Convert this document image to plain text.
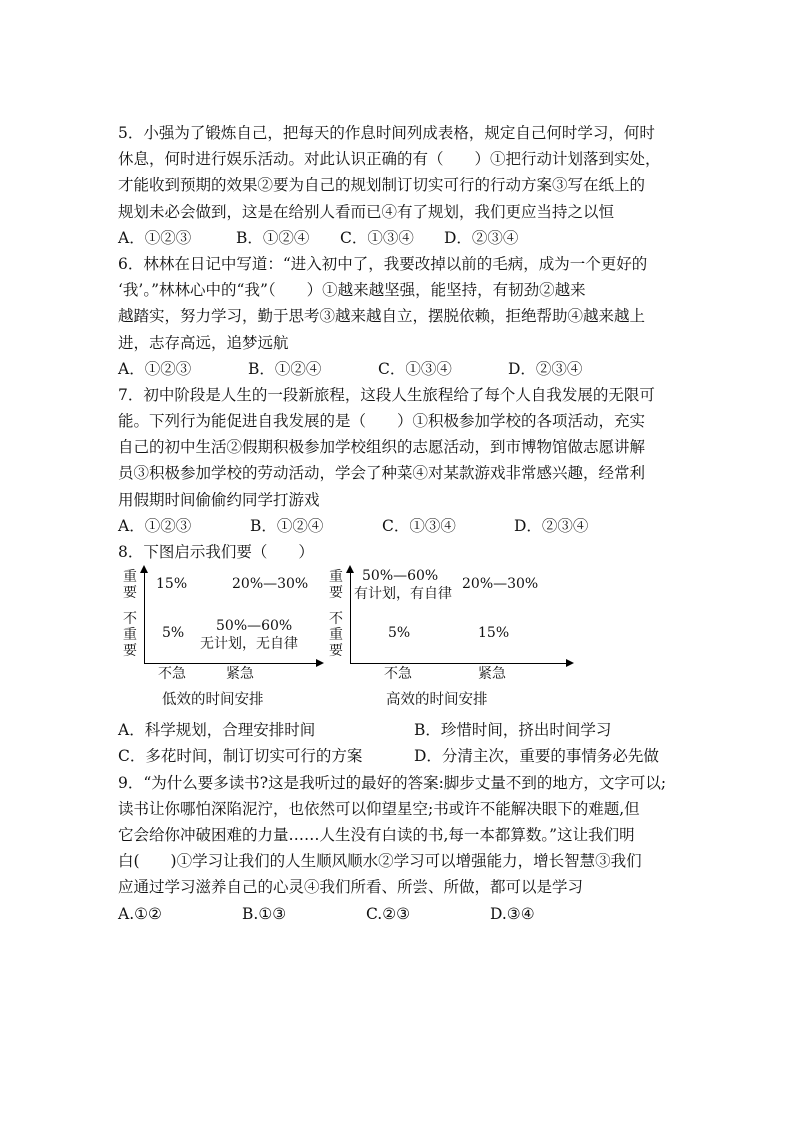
5．小强为了锻炼自己，把每天的作息时间列成表格，规定自己何时学习，何时
休息，何时进行娱乐活动。对此认识正确的有（　　）①把行动计划落到实处，
才能收到预期的效果②要为自己的规划制订切实可行的行动方案③写在纸上的
规划未必会做到，这是在给别人看而已④有了规划，我们更应当持之以恒
A．①②③	B．①②④	C．①③④	D．②③④
6．林林在日记中写道：“进入初中了，我要改掉以前的毛病，成为一个更好的
‘我’。”林林心中的“我”（　　）①越来越坚强，能坚持，有韧劲②越来
越踏实，努力学习，勤于思考③越来越自立，摆脱依赖，拒绝帮助④越来越上
进，志存高远，追梦远航
A．①②③	B．①②④	C．①③④	D．②③④
7．初中阶段是人生的一段新旅程，这段人生旅程给了每个人自我发展的无限可
能。下列行为能促进自我发展的是（　　）①积极参加学校的各项活动，充实
自己的初中生活②假期积极参加学校组织的志愿活动，到市博物馆做志愿讲解
员③积极参加学校的劳动活动，学会了种菜④对某款游戏非常感兴趣，经常利
用假期时间偷偷约同学打游戏
A．①②③	B．①②④	C．①③④	D．②③④
8．下图启示我们要（　　）
重
要
不
重
要
15%	20%—30%
5% 50%—60%
无计划，无自律
不急	紧急
低效的时间安排
重
要
不
重
要
50%—60%
有计划，有自律
20%—30%
5%	15%
不急	紧急
高效的时间安排
A．科学规划，合理安排时间	B．珍惜时间，挤出时间学习
C．多花时间，制订切实可行的方案	D．分清主次，重要的事情务必先做
9．“为什么要多读书?这是我听过的最好的答案:脚步丈量不到的地方，文字可以;
读书让你哪怕深陷泥泞，也依然可以仰望星空;书或许不能解决眼下的难题,但
它会给你冲破困难的力量……人生没有白读的书,每一本都算数。”这让我们明
白(　　)①学习让我们的人生顺风顺水②学习可以增强能力，增长智慧③我们
应通过学习滋养自己的心灵④我们所看、所尝、所做，都可以是学习
A.①②	B.①③	C.②③	D.③④
